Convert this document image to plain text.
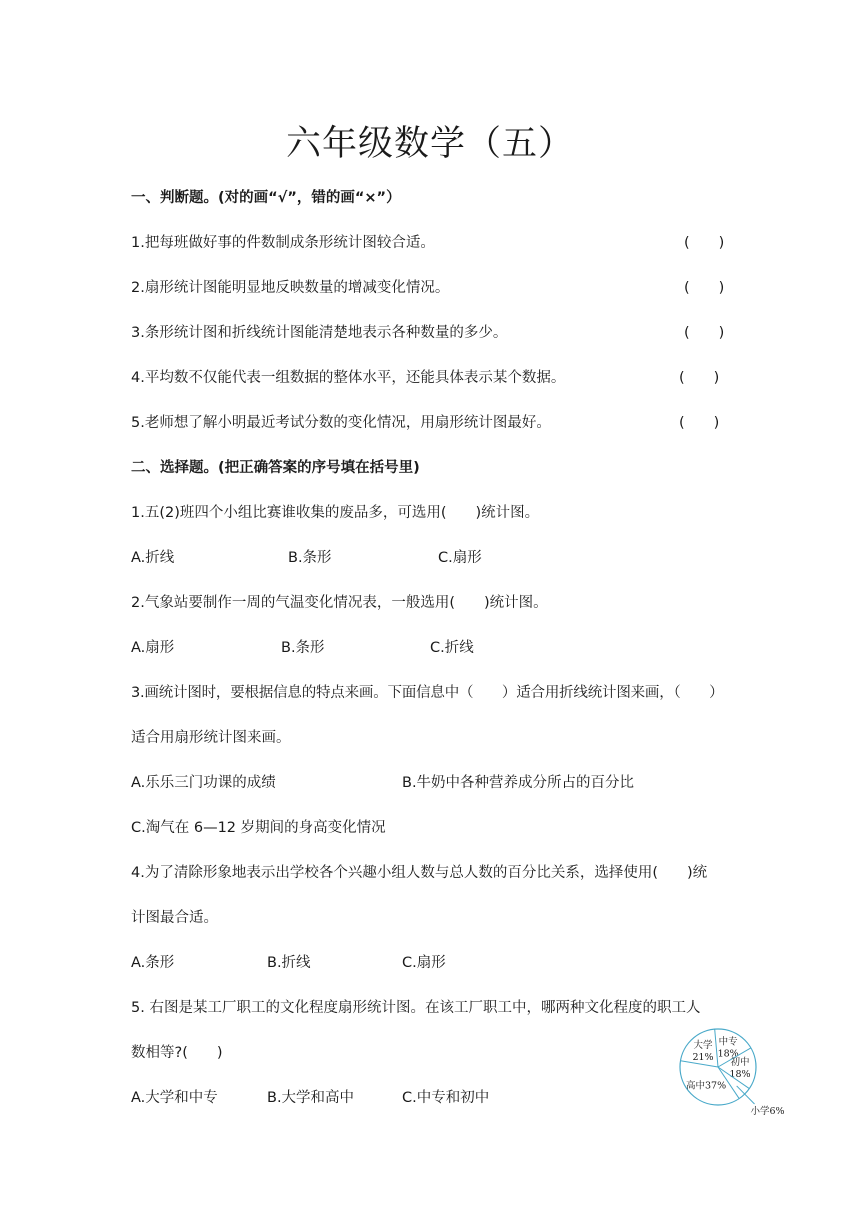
六年级数学（五）
一、判断题。(对的画“√”，错的画“×”）
1.把每班做好事的件数制成条形统计图较合适。	(　　)
2.扇形统计图能明显地反映数量的增减变化情况。	(　　)
3.条形统计图和折线统计图能清楚地表示各种数量的多少。	(　　)
4.平均数不仅能代表一组数据的整体水平，还能具体表示某个数据。	(　　)
5.老师想了解小明最近考试分数的变化情况，用扇形统计图最好。	(　　)
二、选择题。(把正确答案的序号填在括号里)
1.五(2)班四个小组比赛谁收集的废品多，可选用(　　)统计图。
A.折线	B.条形	C.扇形
2.气象站要制作一周的气温变化情况表，一般选用(　　)统计图。
A.扇形	B.条形	C.折线
3.画统计图时，要根据信息的特点来画。下面信息中（　　）适合用折线统计图来画，（　　）
适合用扇形统计图来画。
A.乐乐三门功课的成绩	B.牛奶中各种营养成分所占的百分比
C.淘气在 6—12 岁期间的身高变化情况
4.为了清除形象地表示出学校各个兴趣小组人数与总人数的百分比关系，选择使用(　　)统
计图最合适。
A.条形	B.折线	C.扇形
5. 右图是某工厂职工的文化程度扇形统计图。在该工厂职工中，哪两种文化程度的职工人
数相等?(　　)
A.大学和中专	B.大学和高中	C.中专和初中
中专 18%
初中 18%
小学6%
高中37%
大学 21%
